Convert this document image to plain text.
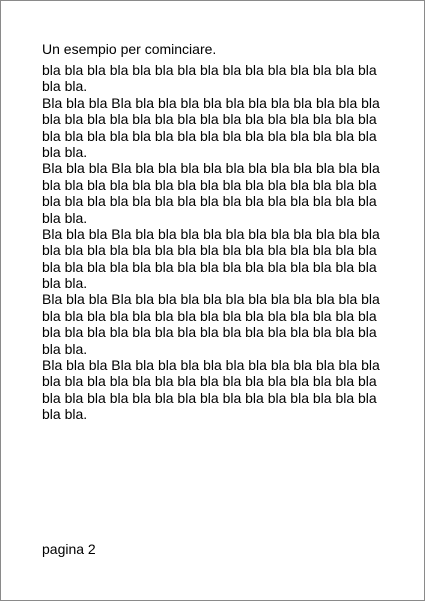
Un esempio per cominciare.
bla bla bla bla bla bla bla bla bla bla bla bla bla bla bla
bla bla.
Bla bla bla Bla bla bla bla bla bla bla bla bla bla bla bla
bla bla bla bla bla bla bla bla bla bla bla bla bla bla bla
bla bla bla bla bla bla bla bla bla bla bla bla bla bla bla
bla bla.
Bla bla bla Bla bla bla bla bla bla bla bla bla bla bla bla
bla bla bla bla bla bla bla bla bla bla bla bla bla bla bla
bla bla bla bla bla bla bla bla bla bla bla bla bla bla bla
bla bla.
Bla bla bla Bla bla bla bla bla bla bla bla bla bla bla bla
bla bla bla bla bla bla bla bla bla bla bla bla bla bla bla
bla bla bla bla bla bla bla bla bla bla bla bla bla bla bla
bla bla.
Bla bla bla Bla bla bla bla bla bla bla bla bla bla bla bla
bla bla bla bla bla bla bla bla bla bla bla bla bla bla bla
bla bla bla bla bla bla bla bla bla bla bla bla bla bla bla
bla bla.
Bla bla bla Bla bla bla bla bla bla bla bla bla bla bla bla
bla bla bla bla bla bla bla bla bla bla bla bla bla bla bla
bla bla bla bla bla bla bla bla bla bla bla bla bla bla bla
bla bla.
pagina 2
